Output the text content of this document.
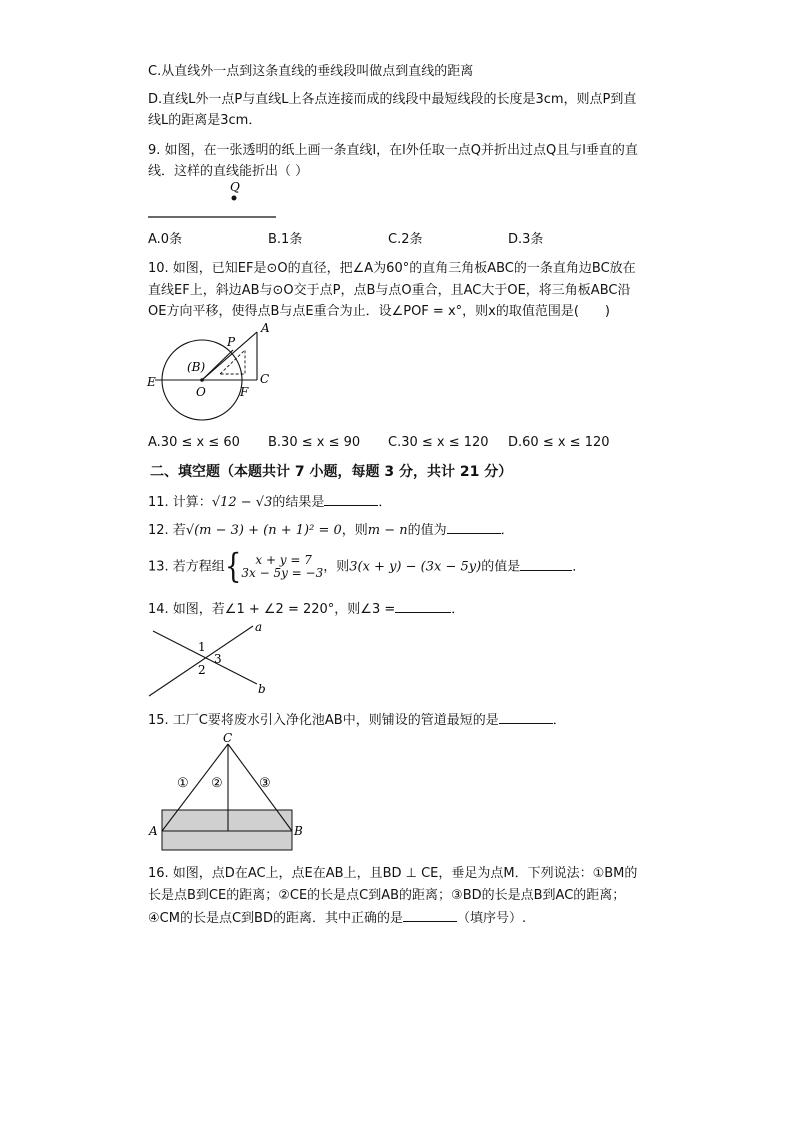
C.从直线外一点到这条直线的垂线段叫做点到直线的距离
D.直线L外一点P与直线L上各点连接而成的线段中最短线段的长度是3cm，则点P到直
线L的距离是3cm．
9. 如图，在一张透明的纸上画一条直线l，在l外任取一点Q并折出过点Q且与l垂直的直
线．这样的直线能折出（ ）
Q
A.0条	B.1条	C.2条	D.3条
10. 如图，已知EF是⊙O的直径，把∠A为60°的直角三角板ABC的一条直角边BC放在
直线EF上，斜边AB与⊙O交于点P，点B与点O重合，且AC大于OE，将三角板ABC沿
OE方向平移，使得点B与点E重合为止．设∠POF = x°，则x的取值范围是(　　)
A
P
(B)
O
E
F
C
A.30 ≤ x ≤ 60 B.30 ≤ x ≤ 90 C.30 ≤ x ≤ 120 D.60 ≤ x ≤ 120
二、填空题（本题共计 7 小题，每题 3 分，共计 21 分）
11. 计算：√12 − √3的结果是	．
12. 若√(m − 3) + (n + 1)² = 0，则m − n的值为	．
13. 若方程组{	x + y = 7
3x − 5y = −3 ，则3(x + y) − (3x − 5y)的值是	．
14. 如图，若∠1 + ∠2 = 220°，则∠3 =	．
a
b
1
2
3
15. 工厂C要将废水引入净化池AB中，则铺设的管道最短的是	．
C
A	B
① ②	③
16. 如图，点D在AC上，点E在AB上，且BD ⊥ CE，垂足为点M．下列说法：①BM的
长是点B到CE的距离；②CE的长是点C到AB的距离；③BD的长是点B到AC的距离；
④CM的长是点C到BD的距离．其中正确的是	（填序号）.
